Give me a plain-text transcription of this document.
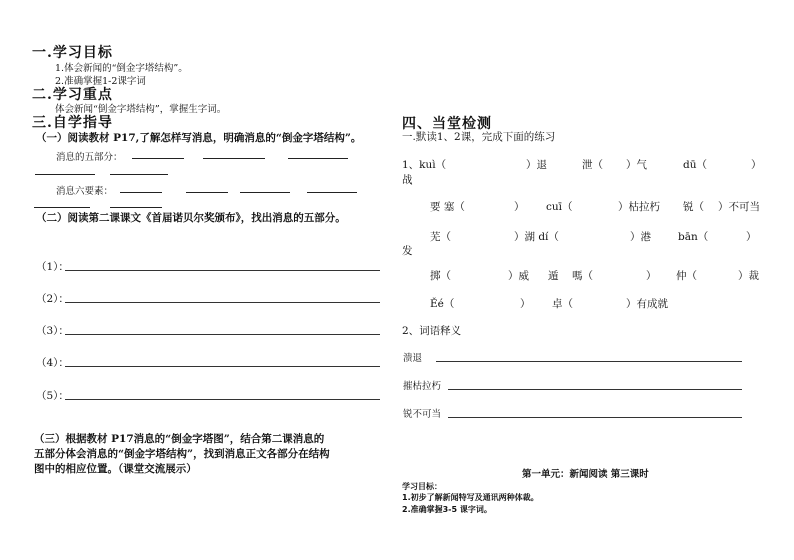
一.学习目标
1.体会新闻的“倒金字塔结构”。
2.准确掌握1-2课字词
二.学习重点
体会新闻“倒金字塔结构”，掌握生字词。
三.自学指导
（一）阅读教材 P17,了解怎样写消息，明确消息的“倒金字塔结构”。
消息的五部分：
消息六要素：
（二）阅读第二课课文《首届诺贝尔奖颁布》，找出消息的五部分。
（1）：
（2）：
（3）：
（4）：
（5）：
（三）根据教材 P17消息的“倒金字塔图”，结合第二课消息的
五部分体会消息的“倒金字塔结构”，找到消息正文各部分在结构
图中的相应位置。（课堂交流展示）
四、当堂检测
一.默读1、2课，完成下面的练习
1、kuì（	）退	泄（ ）气	dū（	）
战
要 塞（	） cuī（	）枯拉朽 锐（ ）不可当
芜（	）湖 dí（	）港	bān（	）
发
掷（	）威 遁 嗎（	） 仲（	）裁
Ěé（	） 卓（	）有成就
2、词语释义
溃退
摧枯拉朽
锐不可当
第一单元：新闻阅读 第三课时
学习目标：
1.初步了解新闻特写及通讯两种体裁。
2.准确掌握3-5 课字词。
